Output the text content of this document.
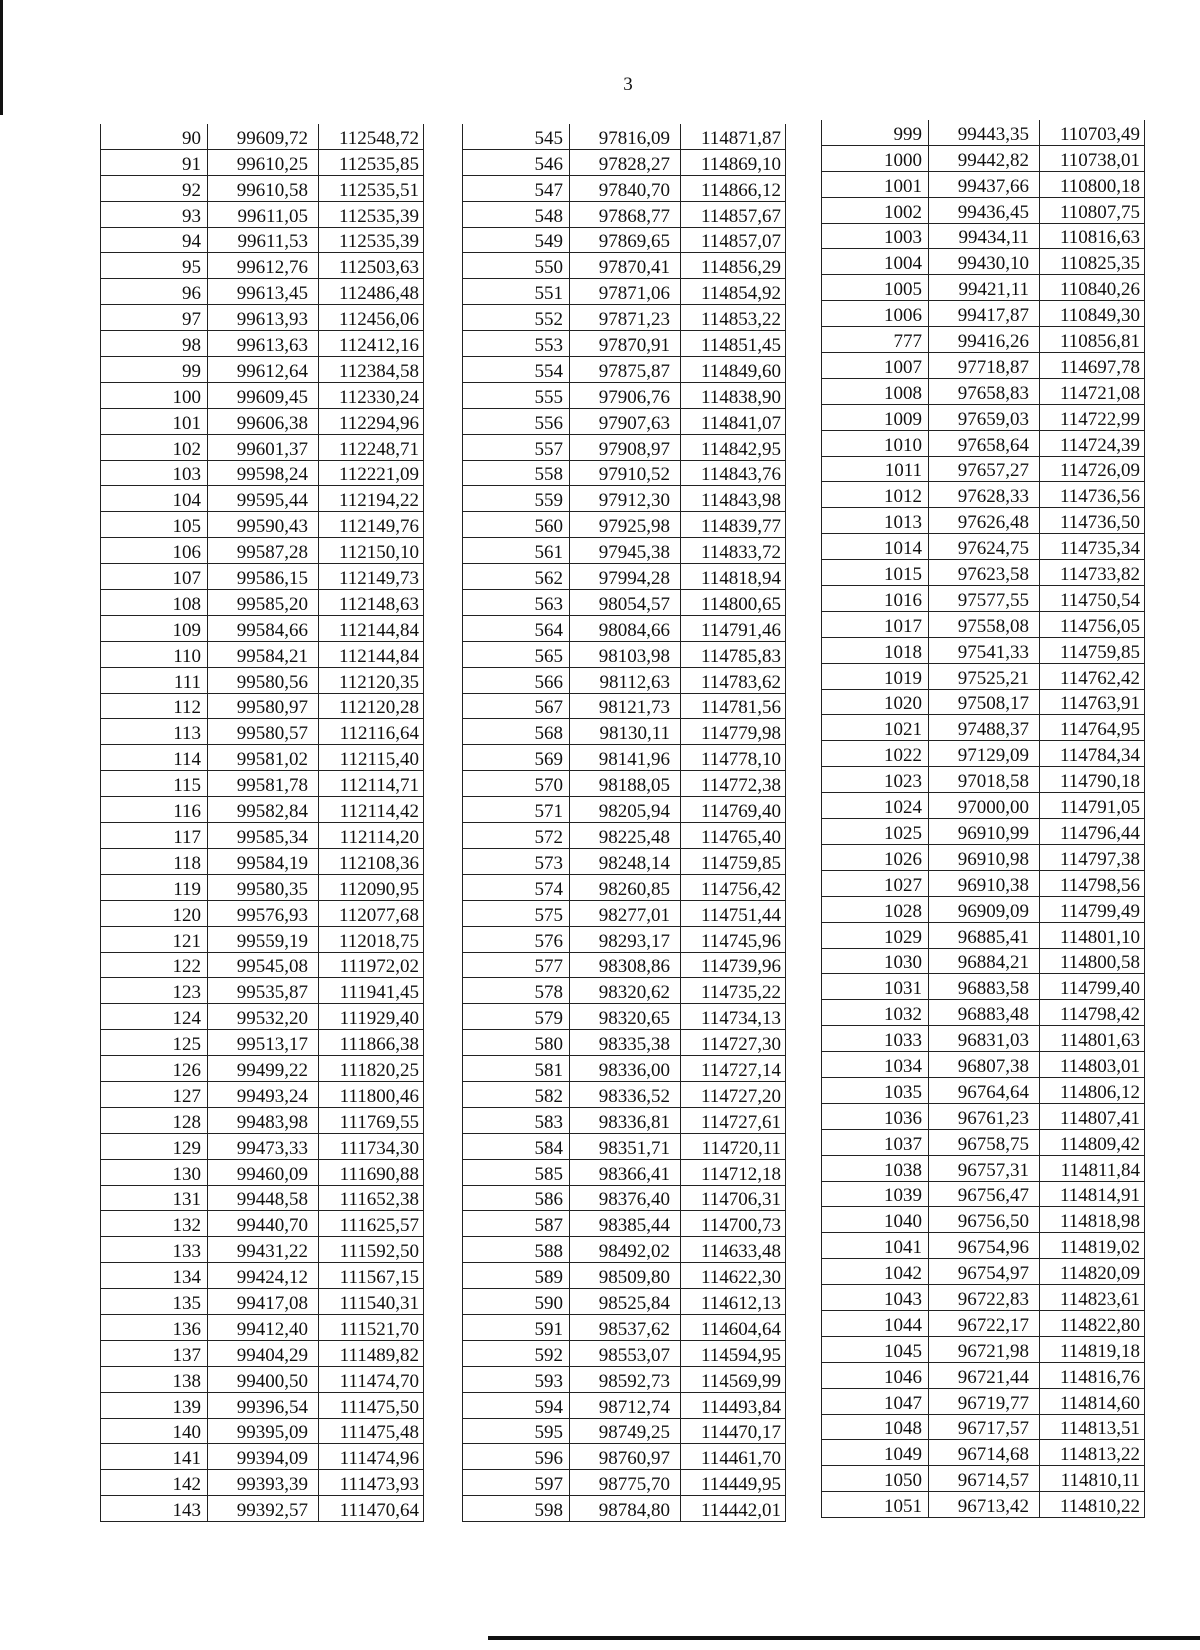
3
90	99609,72	112548,72
91	99610,25	112535,85
92	99610,58	112535,51
93	99611,05	112535,39
94	99611,53	112535,39
95	99612,76	112503,63
96	99613,45	112486,48
97	99613,93	112456,06
98	99613,63	112412,16
99	99612,64	112384,58
100	99609,45	112330,24
101	99606,38	112294,96
102	99601,37	112248,71
103	99598,24	112221,09
104	99595,44	112194,22
105	99590,43	112149,76
106	99587,28	112150,10
107	99586,15	112149,73
108	99585,20	112148,63
109	99584,66	112144,84
110	99584,21	112144,84
111	99580,56	112120,35
112	99580,97	112120,28
113	99580,57	112116,64
114	99581,02	112115,40
115	99581,78	112114,71
116	99582,84	112114,42
117	99585,34	112114,20
118	99584,19	112108,36
119	99580,35	112090,95
120	99576,93	112077,68
121	99559,19	112018,75
122	99545,08	111972,02
123	99535,87	111941,45
124	99532,20	111929,40
125	99513,17	111866,38
126	99499,22	111820,25
127	99493,24	111800,46
128	99483,98	111769,55
129	99473,33	111734,30
130	99460,09	111690,88
131	99448,58	111652,38
132	99440,70	111625,57
133	99431,22	111592,50
134	99424,12	111567,15
135	99417,08	111540,31
136	99412,40	111521,70
137	99404,29	111489,82
138	99400,50	111474,70
139	99396,54	111475,50
140	99395,09	111475,48
141	99394,09	111474,96
142	99393,39	111473,93
143	99392,57	111470,64
545	97816,09	114871,87
546	97828,27	114869,10
547	97840,70	114866,12
548	97868,77	114857,67
549	97869,65	114857,07
550	97870,41	114856,29
551	97871,06	114854,92
552	97871,23	114853,22
553	97870,91	114851,45
554	97875,87	114849,60
555	97906,76	114838,90
556	97907,63	114841,07
557	97908,97	114842,95
558	97910,52	114843,76
559	97912,30	114843,98
560	97925,98	114839,77
561	97945,38	114833,72
562	97994,28	114818,94
563	98054,57	114800,65
564	98084,66	114791,46
565	98103,98	114785,83
566	98112,63	114783,62
567	98121,73	114781,56
568	98130,11	114779,98
569	98141,96	114778,10
570	98188,05	114772,38
571	98205,94	114769,40
572	98225,48	114765,40
573	98248,14	114759,85
574	98260,85	114756,42
575	98277,01	114751,44
576	98293,17	114745,96
577	98308,86	114739,96
578	98320,62	114735,22
579	98320,65	114734,13
580	98335,38	114727,30
581	98336,00	114727,14
582	98336,52	114727,20
583	98336,81	114727,61
584	98351,71	114720,11
585	98366,41	114712,18
586	98376,40	114706,31
587	98385,44	114700,73
588	98492,02	114633,48
589	98509,80	114622,30
590	98525,84	114612,13
591	98537,62	114604,64
592	98553,07	114594,95
593	98592,73	114569,99
594	98712,74	114493,84
595	98749,25	114470,17
596	98760,97	114461,70
597	98775,70	114449,95
598	98784,80	114442,01
999	99443,35	110703,49
1000	99442,82	110738,01
1001	99437,66	110800,18
1002	99436,45	110807,75
1003	99434,11	110816,63
1004	99430,10	110825,35
1005	99421,11	110840,26
1006	99417,87	110849,30
777	99416,26	110856,81
1007	97718,87	114697,78
1008	97658,83	114721,08
1009	97659,03	114722,99
1010	97658,64	114724,39
1011	97657,27	114726,09
1012	97628,33	114736,56
1013	97626,48	114736,50
1014	97624,75	114735,34
1015	97623,58	114733,82
1016	97577,55	114750,54
1017	97558,08	114756,05
1018	97541,33	114759,85
1019	97525,21	114762,42
1020	97508,17	114763,91
1021	97488,37	114764,95
1022	97129,09	114784,34
1023	97018,58	114790,18
1024	97000,00	114791,05
1025	96910,99	114796,44
1026	96910,98	114797,38
1027	96910,38	114798,56
1028	96909,09	114799,49
1029	96885,41	114801,10
1030	96884,21	114800,58
1031	96883,58	114799,40
1032	96883,48	114798,42
1033	96831,03	114801,63
1034	96807,38	114803,01
1035	96764,64	114806,12
1036	96761,23	114807,41
1037	96758,75	114809,42
1038	96757,31	114811,84
1039	96756,47	114814,91
1040	96756,50	114818,98
1041	96754,96	114819,02
1042	96754,97	114820,09
1043	96722,83	114823,61
1044	96722,17	114822,80
1045	96721,98	114819,18
1046	96721,44	114816,76
1047	96719,77	114814,60
1048	96717,57	114813,51
1049	96714,68	114813,22
1050	96714,57	114810,11
1051	96713,42	114810,22
